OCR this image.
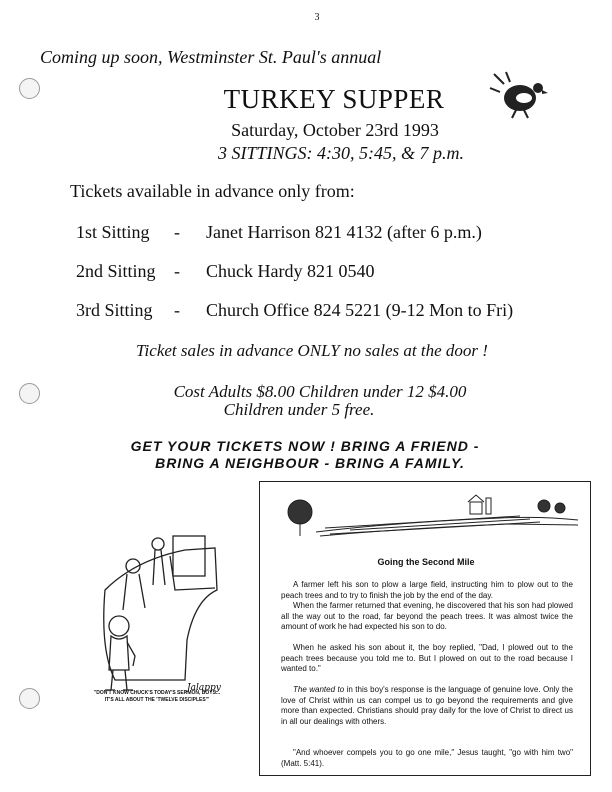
3
Coming up soon, Westminster St. Paul's annual
TURKEY SUPPER
Saturday, October 23rd 1993
3 SITTINGS: 4:30, 5:45, & 7 p.m.
Tickets available in advance only from:
1st Sitting - Janet Harrison 821 4132 (after 6 p.m.)
2nd Sitting - Chuck Hardy 821 0540
3rd Sitting - Church Office 824 5221 (9-12 Mon to Fri)
Ticket sales in advance ONLY no sales at the door !
Cost Adults $8.00 Children under 12 $4.00
Children under 5 free.
GET YOUR TICKETS NOW ! BRING A FRIEND -
BRING A NEIGHBOUR - BRING A FAMILY.
Jalappy
"DON'T KNOW CHUCK'S TODAY'S SERMON, BOYS...
IT'S ALL ABOUT THE 'TWELVE DISCIPLES'"
Going the Second Mile

A farmer left his son to plow a large field, instructing him to plow out to the peach trees and to try to finish the job by the end of the day.

When the farmer returned that evening, he discovered that his son had plowed all the way out to the road, far beyond the peach trees. It was almost twice the amount of work he had expected his son to do.

When he asked his son about it, the boy replied, "Dad, I plowed out to the peach trees because you told me to. But I plowed on out to the road because I wanted to."

The wanted to in this boy's response is the language of genuine love. Only the love of Christ within us can compel us to go beyond the requirements and give more than expected. Christians should pray daily for the love of Christ to direct us in all our dealings with others.

"And whoever compels you to go one mile," Jesus taught, "go with him two" (Matt. 5:41).
